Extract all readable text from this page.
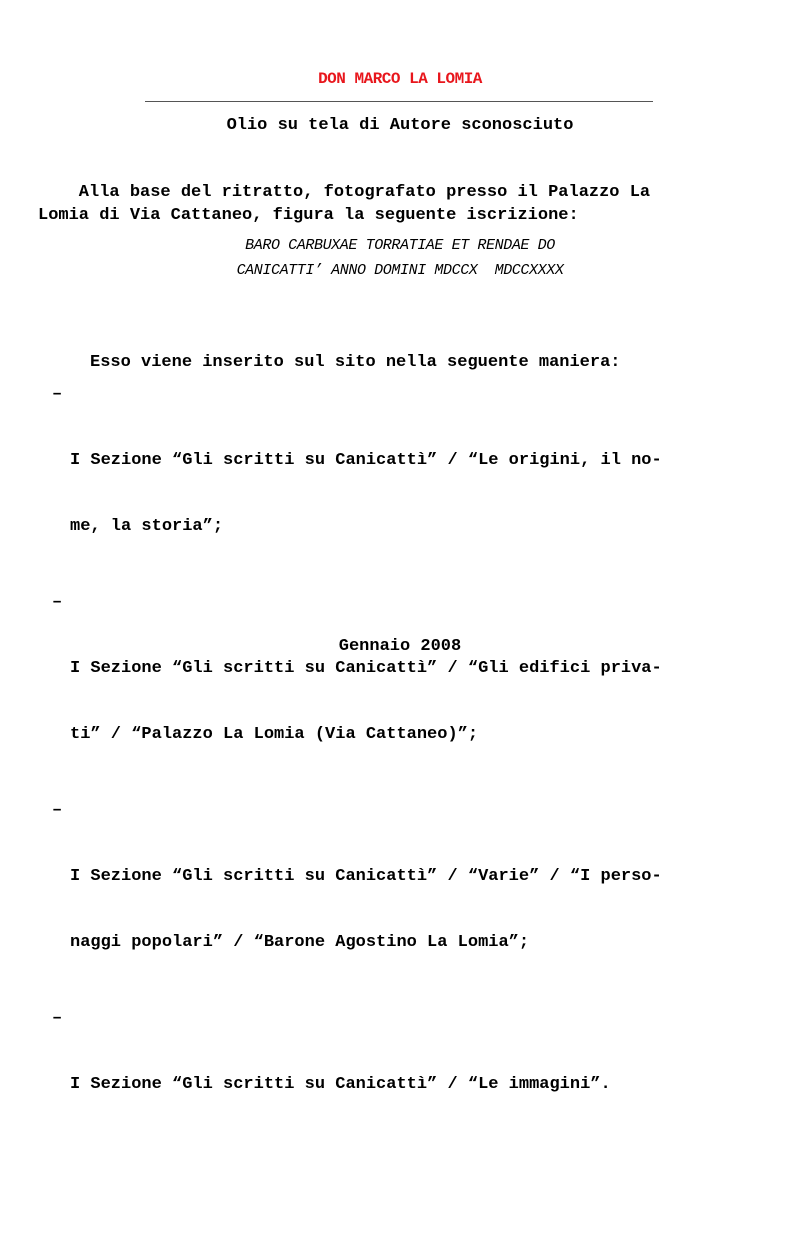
DON MARCO LA LOMIA
Olio su tela di Autore sconosciuto
Alla base del ritratto, fotografato presso il Palazzo La
Lomia di Via Cattaneo, figura la seguente iscrizione:
BARO CARBUXAE TORRATIAE ET RENDAE DO
CANICATTI’ ANNO DOMINI MDCCX  MDCCXXXX
Esso viene inserito sul sito nella seguente maniera:

–

I Sezione “Gli scritti su Canicattì” / “Le origini, il no-

me, la storia”;

–

I Sezione “Gli scritti su Canicattì” / “Gli edifici priva-

ti” / “Palazzo La Lomia (Via Cattaneo)”;

–

I Sezione “Gli scritti su Canicattì” / “Varie” / “I perso-

naggi popolari” / “Barone Agostino La Lomia”;

–

I Sezione “Gli scritti su Canicattì” / “Le immagini”.

Gennaio 2008
